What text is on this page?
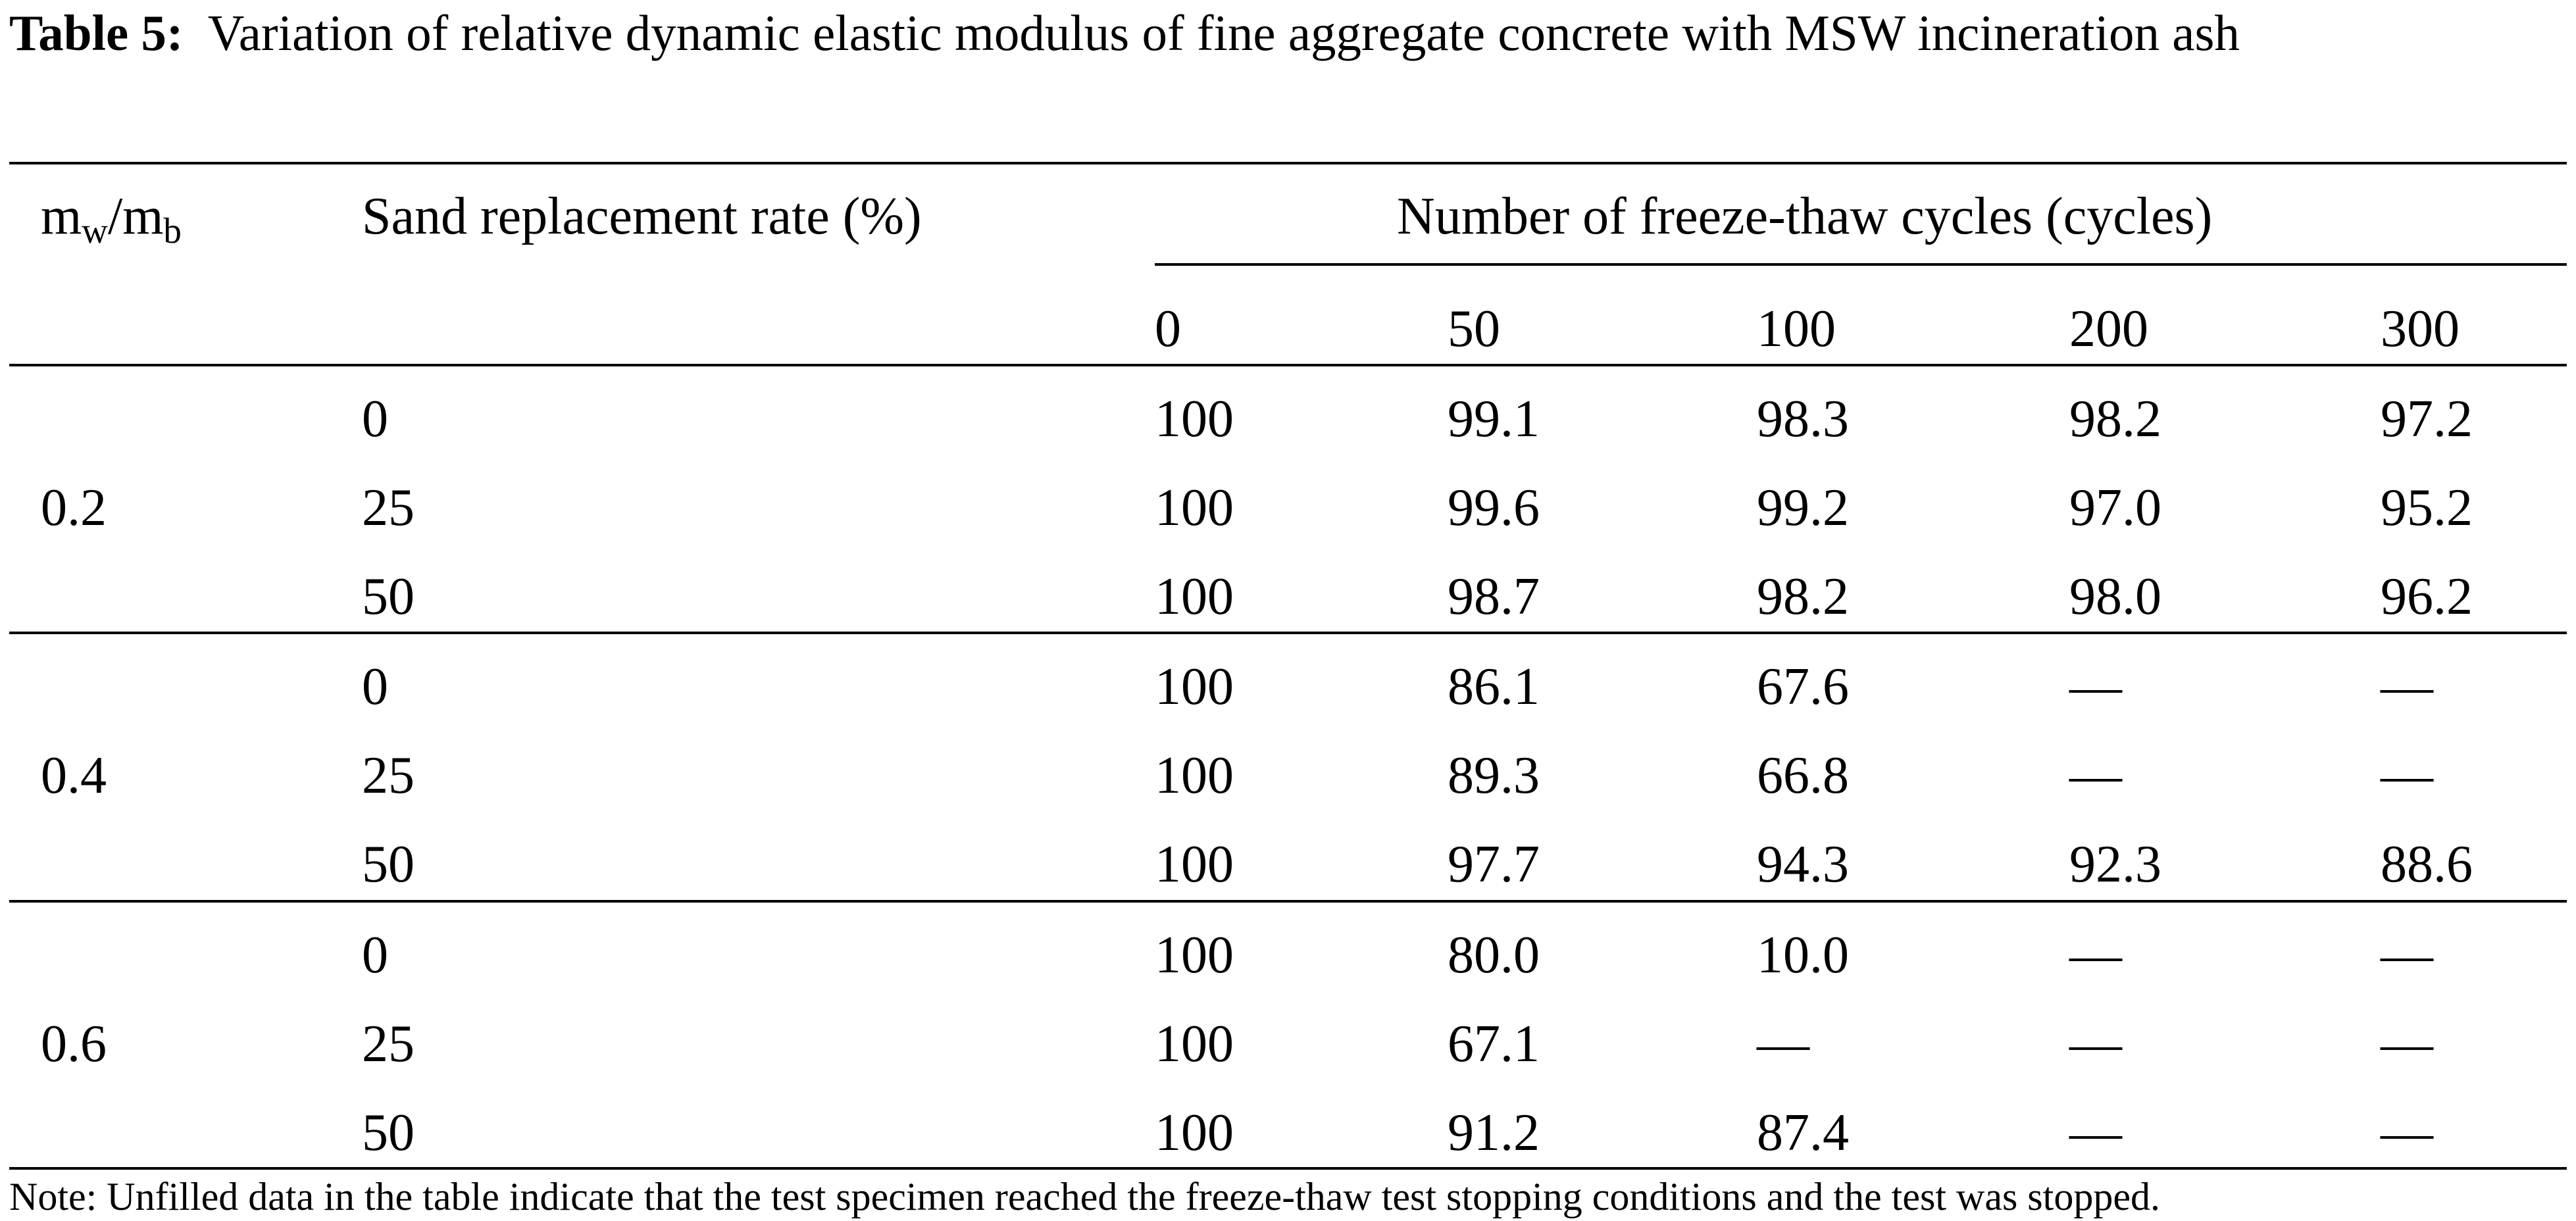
Table 5: Variation of relative dynamic elastic modulus of fine aggregate concrete with MSW incineration ash
$m_w/m_b$	Sand replacement rate (%)	Number of freeze-thaw cycles (cycles)
0	50	100	200	300
0.2
0	100	99.1	98.3	98.2	97.2
25	100	99.6	99.2	97.0	95.2
50	100	98.7	98.2	98.0	96.2
0.4
0	100	86.1	67.6	—	—
25	100	89.3	66.8	—	—
50	100	97.7	94.3	92.3	88.6
0.6
0	100	80.0	10.0	—	—
25	100	67.1	—	—	—
50	100	91.2	87.4	—	—
Note: Unfilled data in the table indicate that the test specimen reached the freeze-thaw test stopping conditions and the test was stopped.
